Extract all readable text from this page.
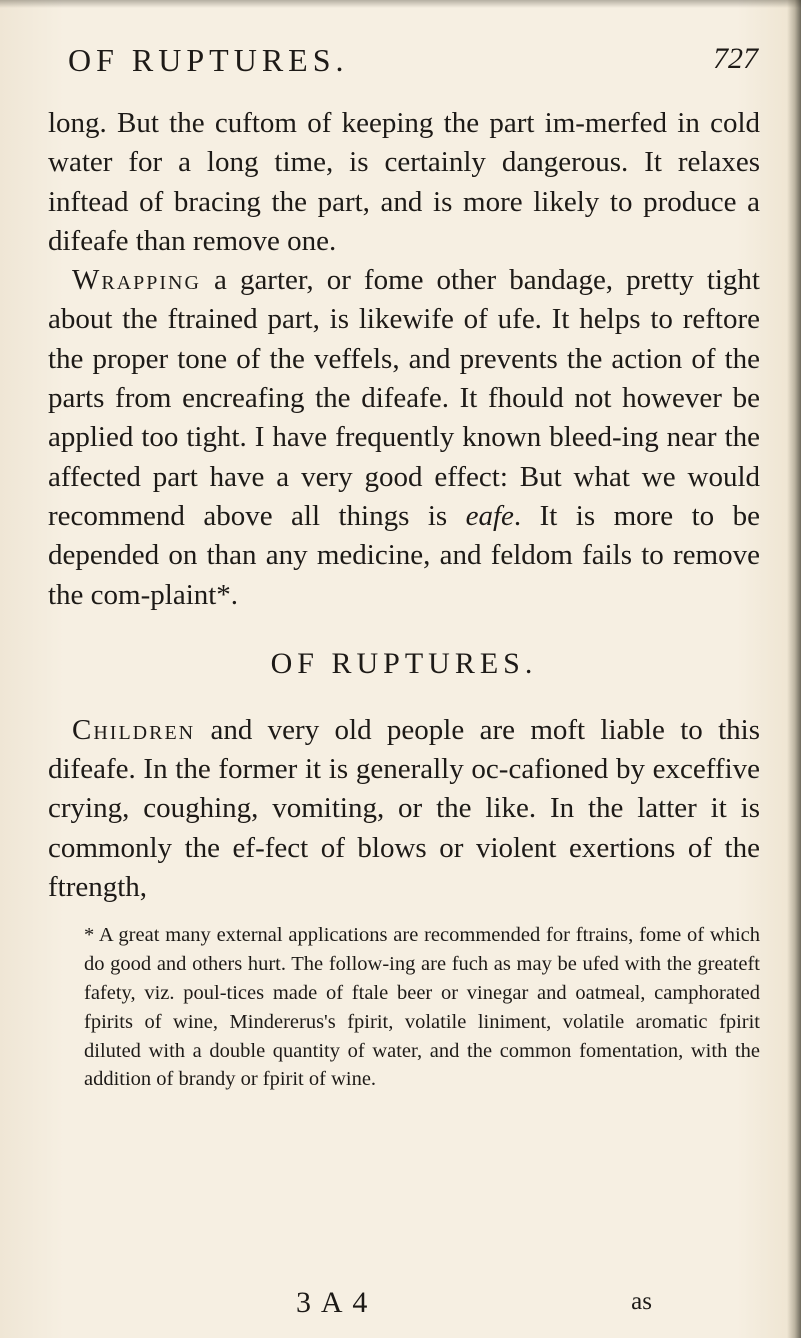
OF RUPTURES.	727

long. But the cuftom of keeping the part im-merfed in cold water for a long time, is certainly dangerous. It relaxes inftead of bracing the part, and is more likely to produce a difeafe than remove one.

Wrapping a garter, or fome other bandage, pretty tight about the ftrained part, is likewife of ufe. It helps to reftore the proper tone of the veffels, and prevents the action of the parts from encreafing the difeafe. It fhould not however be applied too tight. I have frequently known bleed-ing near the affected part have a very good effect: But what we would recommend above all things is eafe. It is more to be depended on than any medicine, and feldom fails to remove the com-plaint*.

OF RUPTURES.

Children and very old people are moft liable to this difeafe. In the former it is generally oc-cafioned by exceffive crying, coughing, vomiting, or the like. In the latter it is commonly the ef-fect of blows or violent exertions of the ftrength,

* A great many external applications are recommended for ftrains, fome of which do good and others hurt. The follow-ing are fuch as may be ufed with the greateft fafety, viz. poul-tices made of ftale beer or vinegar and oatmeal, camphorated fpirits of wine, Mindererus's fpirit, volatile liniment, volatile aromatic fpirit diluted with a double quantity of water, and the common fomentation, with the addition of brandy or fpirit of wine.

3 A 4	as
